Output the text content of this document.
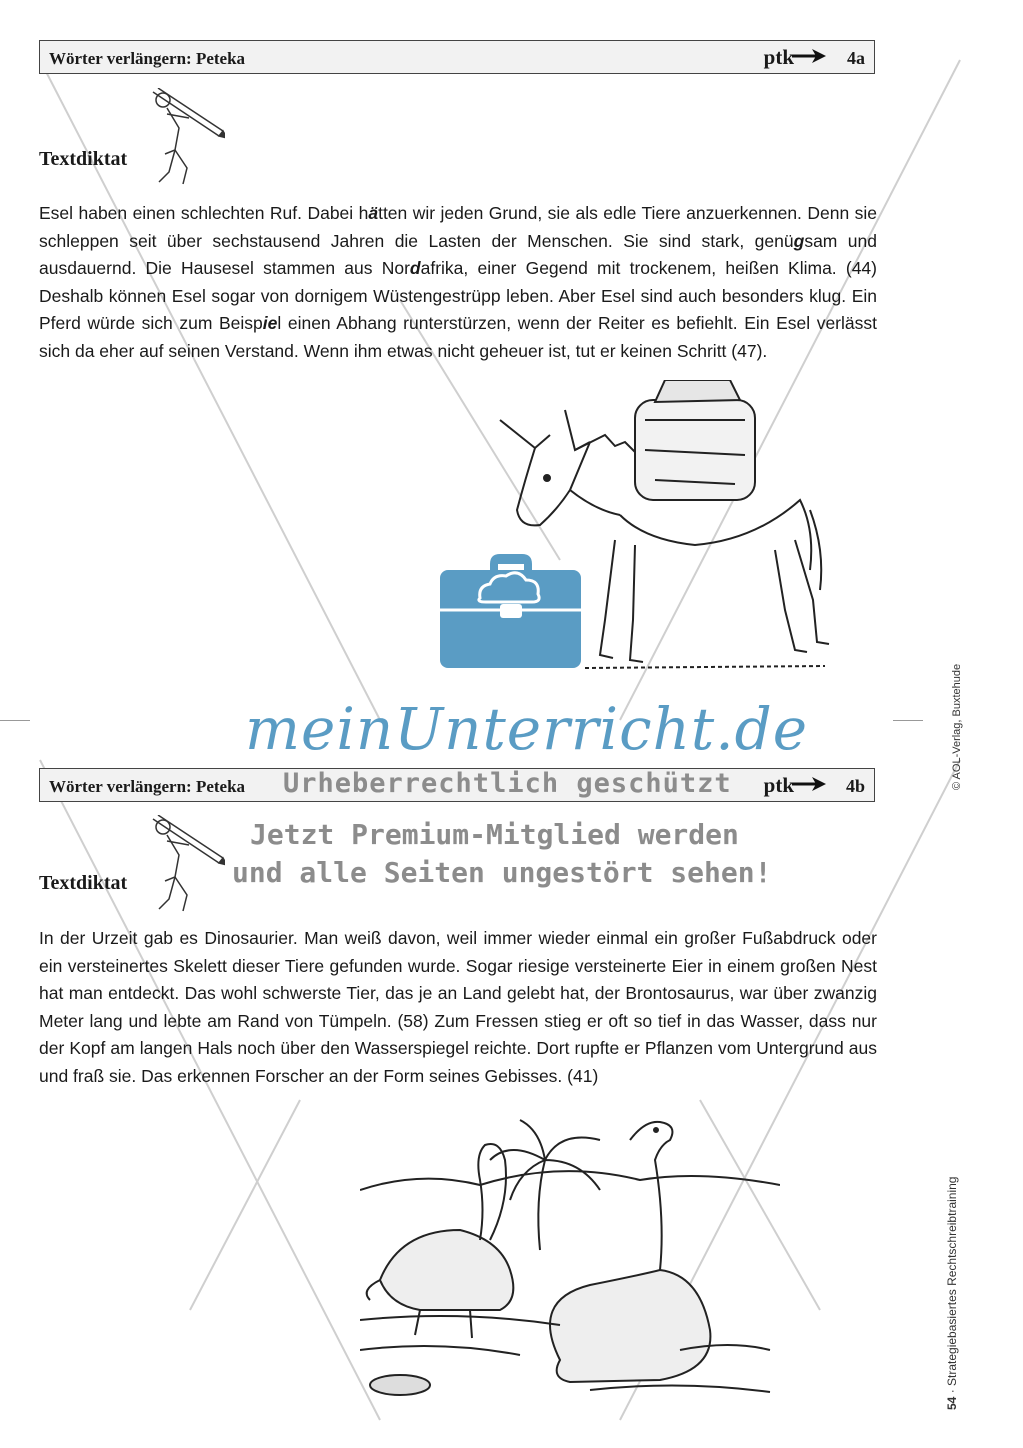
Wörter verlängern: Peteka	ptk	4a
Textdiktat

Esel haben einen schlechten Ruf. Dabei hätten wir jeden Grund, sie als edle Tiere anzuerkennen. Denn sie schleppen seit über sechstausend Jahren die Lasten der Menschen. Sie sind stark, genügsam und ausdauernd. Die Hausesel stammen aus Nordafrika, einer Gegend mit trockenem, heißen Klima. (44) Deshalb können Esel sogar von dornigem Wüstengestrüpp leben. Aber Esel sind auch besonders klug. Ein Pferd würde sich zum Beispiel einen Abhang runterstürzen, wenn der Reiter es befiehlt. Ein Esel verlässt sich da eher auf seinen Verstand. Wenn ihm etwas nicht geheuer ist, tut er keinen Schritt (47).

meinUnterricht.de
Wörter verlängern: Peteka	ptk	4b
Urheberrechtlich geschützt
Jetzt Premium-Mitglied werden
und alle Seiten ungestört sehen!
Textdiktat

In der Urzeit gab es Dinosaurier. Man weiß davon, weil immer wieder einmal ein großer Fußabdruck oder ein versteinertes Skelett dieser Tiere gefunden wurde. Sogar riesige versteinerte Eier in einem großen Nest hat man entdeckt. Das wohl schwerste Tier, das je an Land gelebt hat, der Brontosaurus, war über zwanzig Meter lang und lebte am Rand von Tümpeln. (58) Zum Fressen stieg er oft so tief in das Wasser, dass nur der Kopf am langen Hals noch über den Wasserspiegel reichte. Dort rupfte er Pflanzen vom Untergrund aus und fraß sie. Das erkennen Forscher an der Form seines Gebisses. (41)

© AOL-Verlag, Buxtehude
54 · Strategiebasiertes Rechtschreibtraining
